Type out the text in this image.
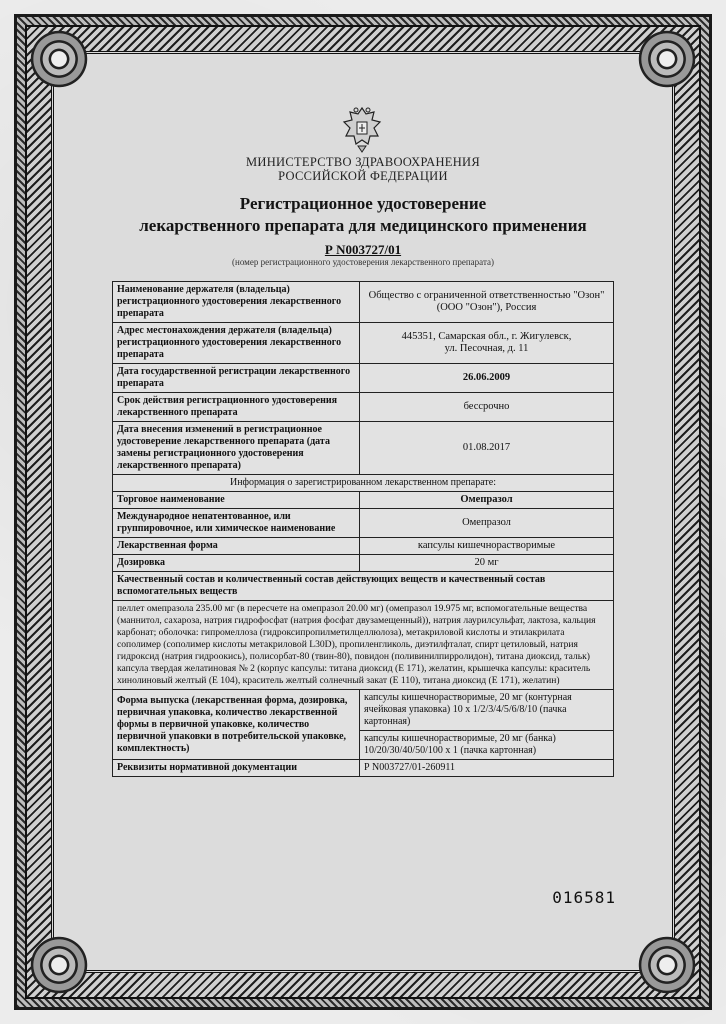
МИНИСТЕРСТВО ЗДРАВООХРАНЕНИЯ
РОССИЙСКОЙ ФЕДЕРАЦИИ
Регистрационное удостоверение
лекарственного препарата для медицинского применения
Р N003727/01
(номер регистрационного удостоверения лекарственного препарата)
Наименование держателя (владельца) регистрационного удостоверения лекарственного препарата	Общество с ограниченной ответственностью "Озон" (ООО "Озон"), Россия
Адрес местонахождения держателя (владельца) регистрационного удостоверения лекарственного препарата	445351, Самарская обл., г. Жигулевск,
ул. Песочная, д. 11

Дата государственной регистрации лекарственного препарата	26.06.2009
Срок действия регистрационного удостоверения лекарственного препарата	бессрочно
Дата внесения изменений в регистрационное удостоверение лекарственного препарата (дата замены регистрационного удостоверения лекарственного препарата)	01.08.2017
Информация о зарегистрированном лекарственном препарате:	
Торговое наименование	Омепразол
Международное непатентованное, или группировочное, или химическое наименование	Омепразол
Лекарственная форма	капсулы кишечнорастворимые
Дозировка	20 мг
Качественный состав и количественный состав действующих веществ и качественный состав вспомогательных веществ	
пеллет омепразола 235.00 мг (в пересчете на омепразол 20.00 мг) (омепразол 19.975 мг, вспомогательные вещества (маннитол, сахароза, натрия гидрофосфат (натрия фосфат двузамещенный)), натрия лаурилсульфат, лактоза, кальция карбонат; оболочка: гипромеллоза (гидроксипропилметилцеллюлоза), метакриловой кислоты и этилакрилата сополимер (сополимер кислоты метакриловой L30D), пропиленгликоль, диэтилфталат, спирт цетиловый, натрия гидроксид (натрия гидроокись), полисорбат-80 (твин-80), повидон (поливинилпирролидон), титана диоксид, тальк) капсула твердая желатиновая № 2 (корпус капсулы: титана диоксид (Е 171), желатин, крышечка капсулы: краситель хинолиновый желтый (Е 104), краситель желтый солнечный закат (Е 110), титана диоксид (Е 171), желатин)	
Форма выпуска (лекарственная форма, дозировка, первичная упаковка, количество лекарственной формы в первичной упаковке, количество первичной упаковки в потребительской упаковке, комплектность)	капсулы кишечнорастворимые, 20 мг (контурная ячейковая упаковка) 10 x 1/2/3/4/5/6/8/10 (пачка картонная)
	капсулы кишечнорастворимые, 20 мг (банка) 10/20/30/40/50/100 x 1 (пачка картонная)
Реквизиты нормативной документации	Р N003727/01-260911
016581
